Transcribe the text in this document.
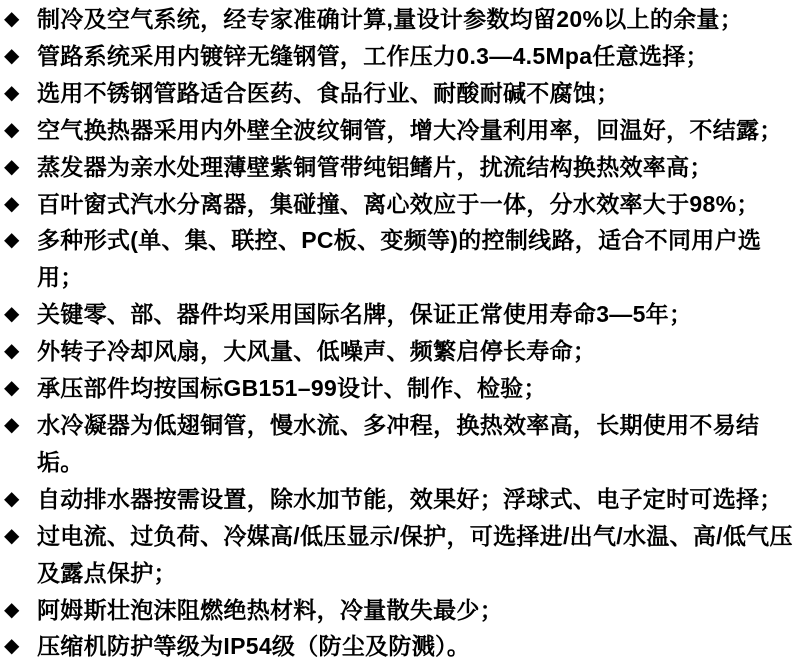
◆ 制冷及空气系统，经专家准确计算,量设计参数均留20%以上的余量；
◆ 管路系统采用内镀锌无缝钢管，工作压力0.3—4.5Mpa任意选择；
◆ 选用不锈钢管路适合医药、食品行业、耐酸耐碱不腐蚀；
◆ 空气换热器采用内外壁全波纹铜管，增大冷量利用率，回温好，不结露；
◆ 蒸发器为亲水处理薄壁紫铜管带纯铝鳍片，扰流结构换热效率高；
◆ 百叶窗式汽水分离器，集碰撞、离心效应于一体，分水效率大于98%；
◆ 多种形式(单、集、联控、PC板、变频等)的控制线路，适合不同用户选用；
◆ 关键零、部、器件均采用国际名牌，保证正常使用寿命3—5年；
◆ 外转子冷却风扇，大风量、低噪声、频繁启停长寿命；
◆ 承压部件均按国标GB151–99设计、制作、检验；
◆ 水冷凝器为低翅铜管，慢水流、多冲程，换热效率高，长期使用不易结垢。
◆ 自动排水器按需设置，除水加节能，效果好；浮球式、电子定时可选择；
◆ 过电流、过负荷、冷媒高/低压显示/保护，可选择进/出气/水温、高/低气压及露点保护；
◆ 阿姆斯壮泡沫阻燃绝热材料，冷量散失最少；
◆ 压缩机防护等级为IP54级（防尘及防溅）。
